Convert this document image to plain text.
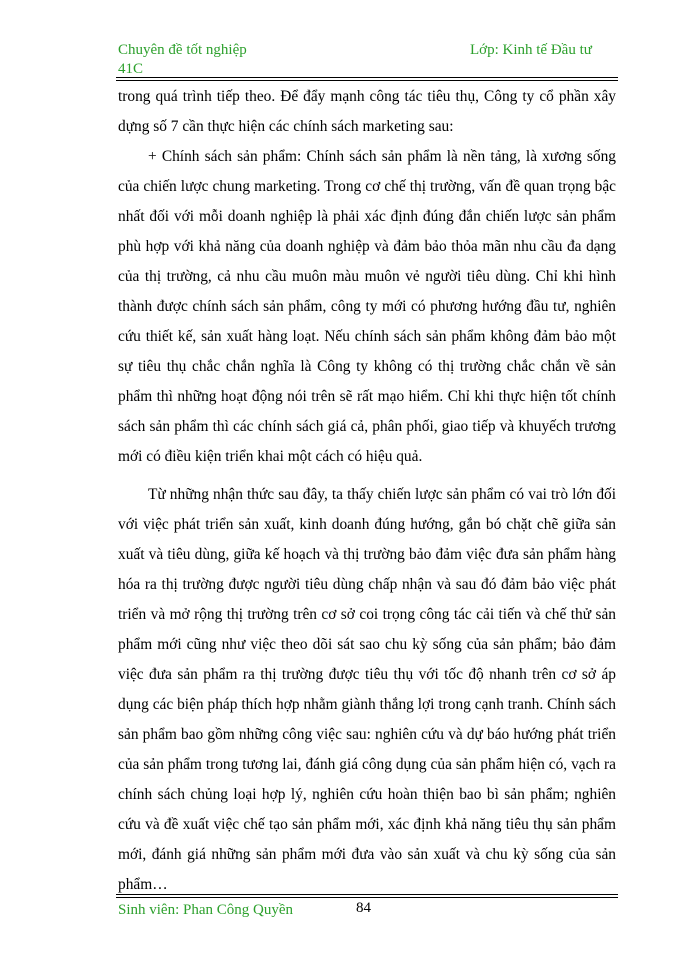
Chuyên đề tốt nghiệp
41C
Lớp: Kinh tế Đầu tư

trong quá trình tiếp theo. Để đẩy mạnh công tác tiêu thụ, Công ty cổ phần xây dựng số 7 cần thực hiện các chính sách marketing sau:

+ Chính sách sản phẩm: Chính sách sản phẩm là nền tảng, là xương sống của chiến lược chung marketing. Trong cơ chế thị trường, vấn đề quan trọng bậc nhất đối với mỗi doanh nghiệp là phải xác định đúng đắn chiến lược sản phẩm phù hợp với khả năng của doanh nghiệp và đảm bảo thỏa mãn nhu cầu đa dạng của thị trường, cả nhu cầu muôn màu muôn vẻ người tiêu dùng. Chỉ khi hình thành được chính sách sản phẩm, công ty mới có phương hướng đầu tư, nghiên cứu thiết kế, sản xuất hàng loạt. Nếu chính sách sản phẩm không đảm bảo một sự tiêu thụ chắc chắn nghĩa là Công ty không có thị trường chắc chắn về sản phẩm thì những hoạt động nói trên sẽ rất mạo hiểm. Chỉ khi thực hiện tốt chính sách sản phẩm thì các chính sách giá cả, phân phối, giao tiếp và khuyếch trương mới có điều kiện triển khai một cách có hiệu quả.

Từ những nhận thức sau đây, ta thấy chiến lược sản phẩm có vai trò lớn đối với việc phát triển sản xuất, kinh doanh đúng hướng, gắn bó chặt chẽ giữa sản xuất và tiêu dùng, giữa kế hoạch và thị trường bảo đảm việc đưa sản phẩm hàng hóa ra thị trường được người tiêu dùng chấp nhận và sau đó đảm bảo việc phát triển và mở rộng thị trường trên cơ sở coi trọng công tác cải tiến và chế thử sản phẩm mới cũng như việc theo dõi sát sao chu kỳ sống của sản phẩm; bảo đảm việc đưa sản phẩm ra thị trường được tiêu thụ với tốc độ nhanh trên cơ sở áp dụng các biện pháp thích hợp nhằm giành thắng lợi trong cạnh tranh. Chính sách sản phẩm bao gồm những công việc sau: nghiên cứu và dự báo hướng phát triển của sản phẩm trong tương lai, đánh giá công dụng của sản phẩm hiện có, vạch ra chính sách chủng loại hợp lý, nghiên cứu hoàn thiện bao bì sản phẩm; nghiên cứu và đề xuất việc chế tạo sản phẩm mới, xác định khả năng tiêu thụ sản phẩm mới, đánh giá những sản phẩm mới đưa vào sản xuất và chu kỳ sống của sản phẩm…

Sinh viên: Phan Công Quyền	84
